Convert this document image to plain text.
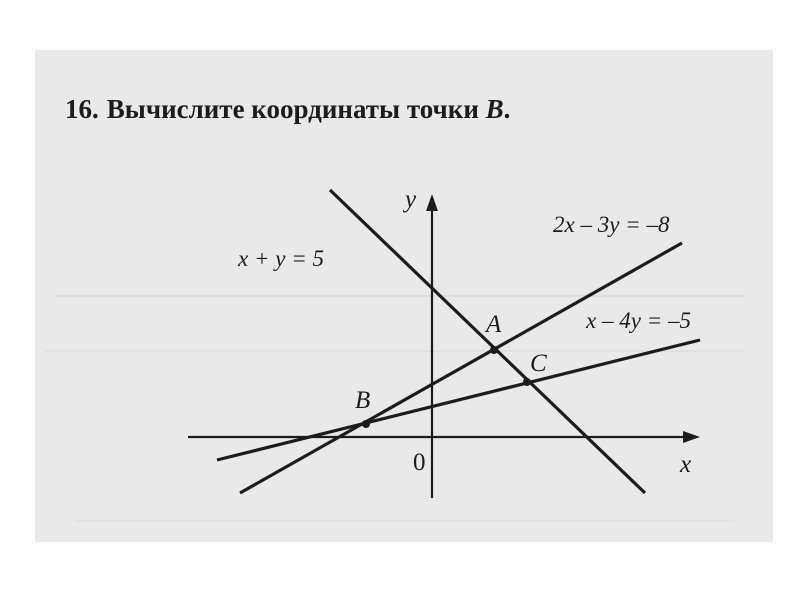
16. Вычислите координаты точки B.
A
B
C
y
x
0
x + y = 5
2x – 3y = –8
x – 4y = –5
